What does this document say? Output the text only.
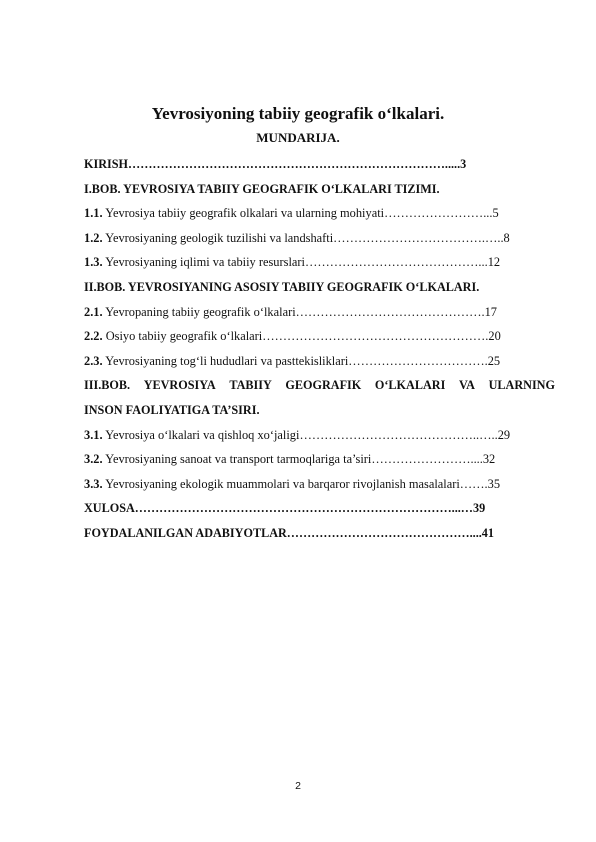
Yevrosiyoning tabiiy geografik o‘lkalari.
MUNDARIJA.
KIRISH…………………………………………………………………….....3
I.BOB. YEVROSIYA TABIIY GEOGRAFIK O‘LKALARI TIZIMI.
1.1. Yevrosiya tabiiy geografik olkalari va ularning mohiyati……………………...5
1.2. Yevrosiyaning geologik tuzilishi va landshafti……………………………….…..8
1.3. Yevrosiyaning iqlimi va tabiiy resurslari……………………………………...12
II.BOB. YEVROSIYANING ASOSIY TABIIY GEOGRAFIK O‘LKALARI.
2.1. Yevropaning tabiiy geografik o‘lkalari……………………………………….17
2.2. Osiyo tabiiy geografik o‘lkalari……………………………………………….20
2.3. Yevrosiyaning tog‘li hududlari va pasttekisliklari…………………………….25
III.BOB. YEVROSIYA TABIIY GEOGRAFIK O‘LKALARI VA ULARNING
INSON FAOLIYATIGA TA’SIRI.
3.1. Yevrosiya o‘lkalari va qishloq xo‘jaligi……………………………………..…..29
3.2. Yevrosiyaning sanoat va transport tarmoqlariga ta’siri……………………....32
3.3. Yevrosiyaning ekologik muammolari va barqaror rivojlanish masalalari…….35
XULOSA……………………………………………………………………...…39
FOYDALANILGAN ADABIYOTLAR………………………………………....41
2
